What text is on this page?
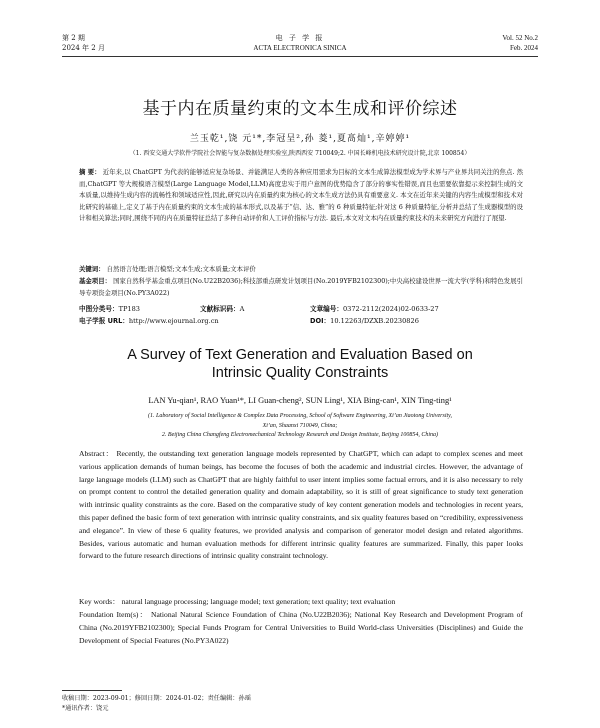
第 2 期
2024 年 2 月
电 子 学 报
ACTA ELECTRONICA SINICA
Vol. 52 No.2
Feb. 2024
基于内在质量约束的文本生成和评价综述
兰玉乾¹,饶 元¹*,李冠呈²,孙 菱¹,夏髙灿¹,辛婷婷¹
（1. 西安交通大学软件学院社会智能与复杂数据处理实验室,陕西西安 710049;2. 中国长峰机电技术研究设计院,北京 100854）
摘 要： 近年来,以 ChatGPT 为代表的能够适应复杂场景、并能满足人类的各种应用需求为目标的文本生成算法模型成为学术界与产业界共同关注的焦点. 然而,ChatGPT 等大规模语言模型(Large Language Model,LLM)高度忠实于用户意图的优势隐含了部分的事实性错误,而且也需要依靠提示来控制生成的文本质量,以维持生成内容的流畅性和领域适应性,因此,研究以内在质量约束为核心的文本生成方法仍具有重要意义. 本文在近年来关键的内容生成模型和技术对比研究的基础上,定义了基于内在质量约束的文本生成的基本形式,以及基于“信、达、雅”的 6 种质量特征;针对这 6 种质量特征,分析并总结了生成器模型的设计和相关算法;同时,围绕不同的内在质量特征总结了多种自动评价和人工评价指标与方法. 最后,本文对文本内在质量约束技术的未来研究方向进行了展望.
关键词： 自然语言处理;语言模型;文本生成;文本质量;文本评价
基金项目： 国家自然科学基金重点项目(No.U22B2036);科技部重点研发计划项目(No.2019YFB2102300);中央高校建设世界一流大学(学科)和特色发展引导专项资金项目(No.PY3A022)
中图分类号：TP183	文献标识码：A	文章编号：0372-2112(2024)02-0633-27
电子学报 URL：http://www.ejournal.org.cn	DOI：10.12263/DZXB.20230826
A Survey of Text Generation and Evaluation Based on
Intrinsic Quality Constraints
LAN Yu-qian¹, RAO Yuan¹*, LI Guan-cheng², SUN Ling¹, XIA Bing-can¹, XIN Ting-ting¹
(1. Laboratory of Social Intelligence & Complex Data Processing, School of Software Engineering, Xi’an Jiaotong University,
Xi’an, Shaanxi 710049, China;
2. Beijing China Changfeng Electromechanical Technology Research and Design Institute, Beijing 100854, China)
Abstract： Recently, the outstanding text generation language models represented by ChatGPT, which can adapt to complex scenes and meet various application demands of human beings, has become the focuses of both the academic and industrial circles. However, the advantage of large language models (LLM) such as ChatGPT that are highly faithful to user intent implies some factual errors, and it is also necessary to rely on prompt content to control the detailed generation quality and domain adaptability, so it is still of great significance to study text generation with intrinsic quality constraints as the core. Based on the comparative study of key content generation models and technologies in recent years, this paper defined the basic form of text generation with intrinsic quality constraints, and six quality features based on “credibility, expressiveness and elegance”. In view of these 6 quality features, we provided analysis and comparison of generator model design and related algorithms. Besides, various automatic and human evaluation methods for different intrinsic quality features are summarized. Finally, this paper looks forward to the future research directions of intrinsic quality constraint technology.
Key words： natural language processing; language model; text generation; text quality; text evaluation
Foundation Item(s)： National Natural Science Foundation of China (No.U22B2036); National Key Research and Development Program of China (No.2019YFB2102300); Special Funds Program for Central Universities to Build World-class Universities (Disciplines) and Guide the Development of Special Features (No.PY3A022)
收稿日期：2023-09-01；修回日期：2024-01-02；责任编辑：孙瑶
*通讯作者：饶元
